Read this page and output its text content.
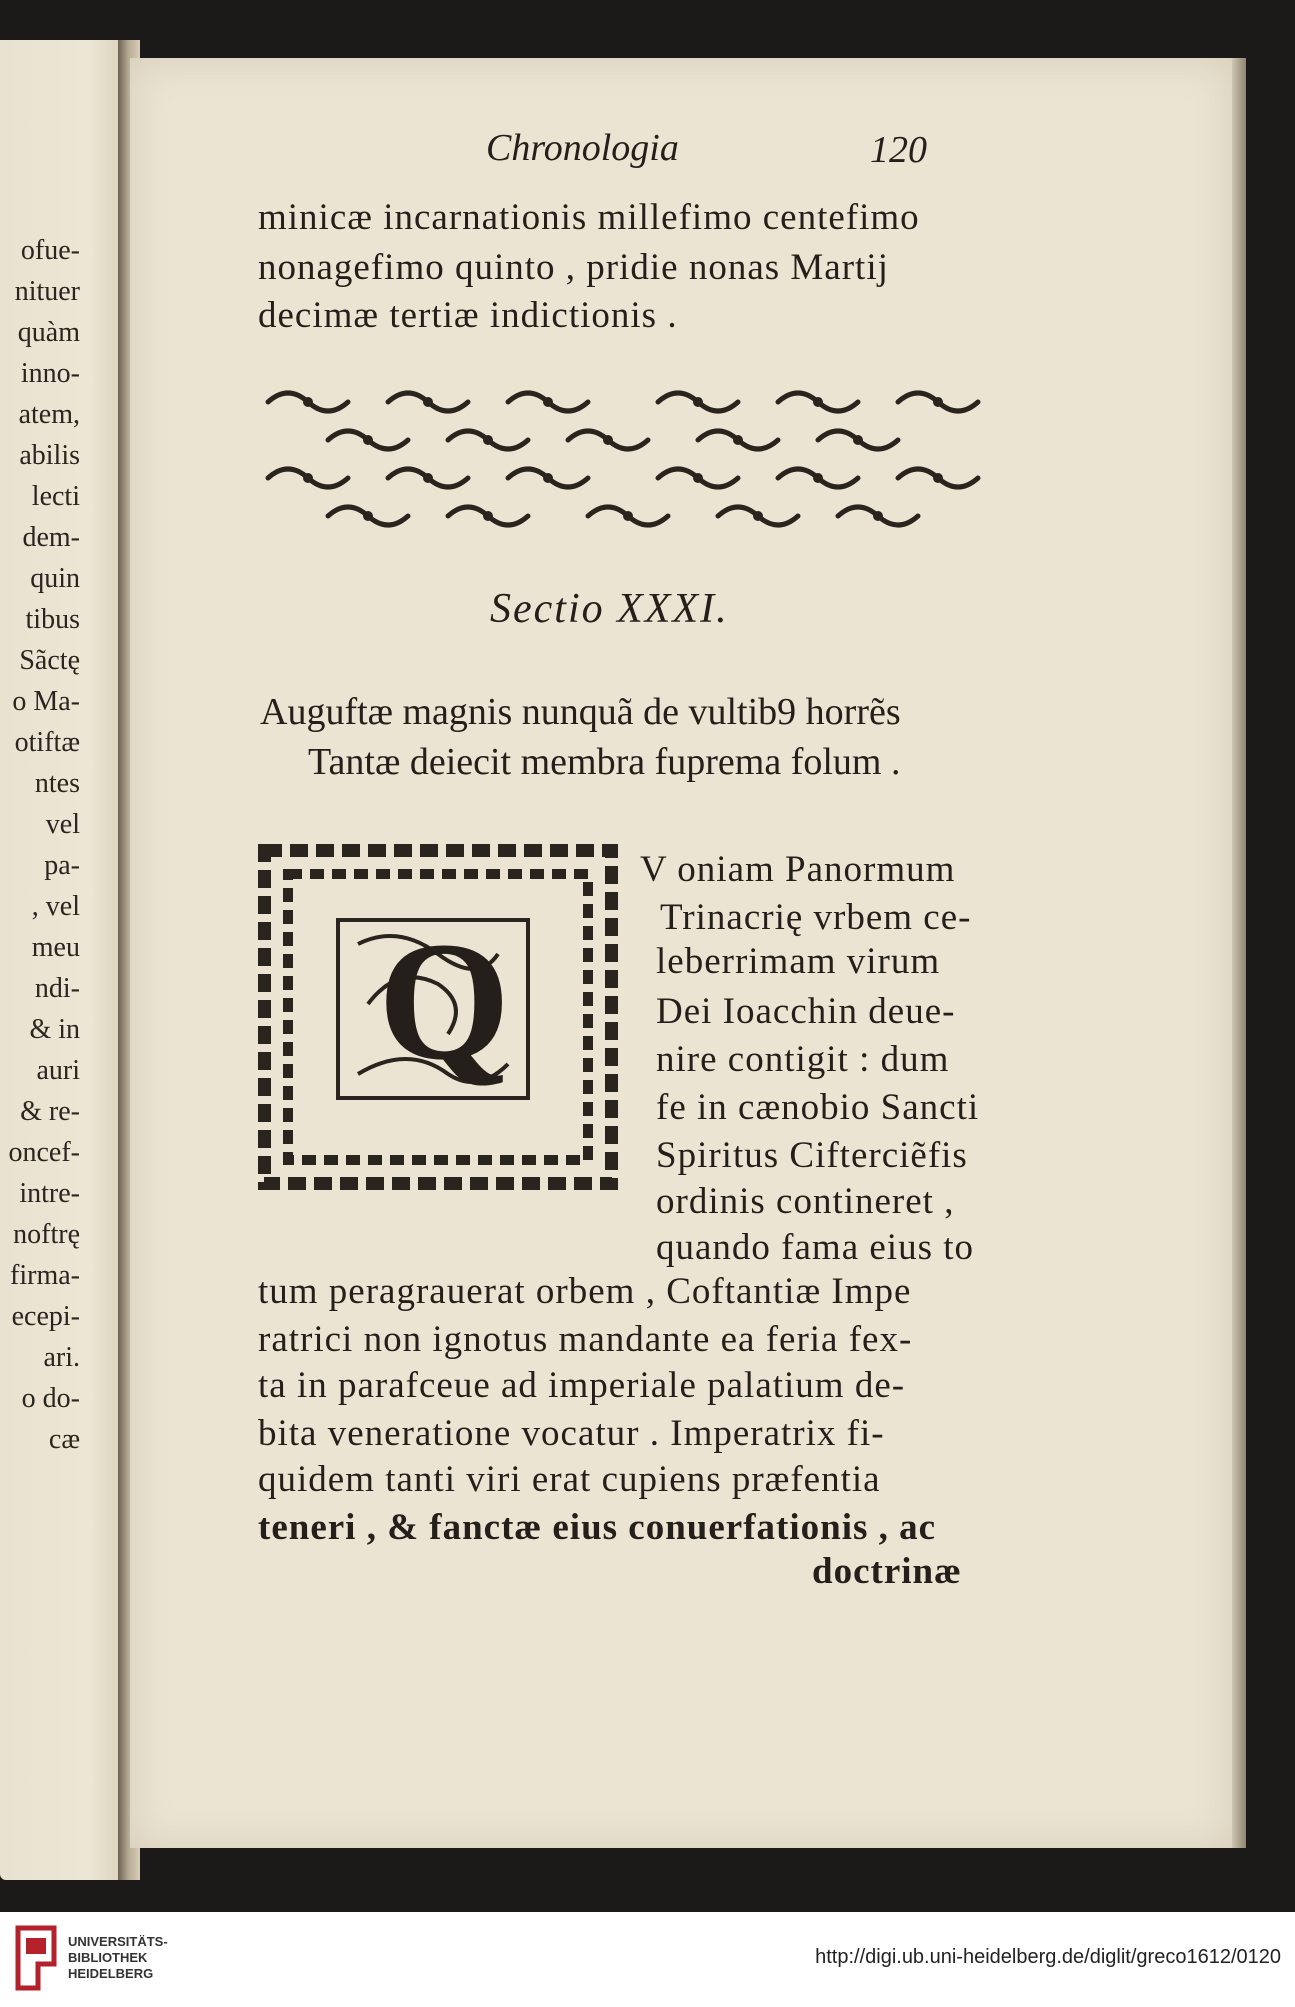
ofue-
nituer
quàm
inno-
atem,
abilis
lecti
dem-
quin
tibus
Sãctę
o Ma-
otiftæ
ntes
vel
pa-
, vel
meu
ndi-
& in
auri
& re-
oncef-
intre-
noftrę
firma-
ecepi-
ari.
o do-
cæ
Chronologia	120
minicæ incarnationis millefimo centefimo
nonagefimo quinto , pridie nonas Martij
decimæ tertiæ indictionis .
Sectio XXXI.
Auguftæ magnis nunquã de vultib9 horrẽs
Tantæ deiecit membra fuprema folum .
Q
V oniam Panormum
Trinacrię vrbem ce-
leberrimam virum
Dei Ioacchin deue-
nire contigit : dum
fe in cænobio Sancti
Spiritus Cifterciẽfis
ordinis contineret ,
quando fama eius to
tum peragrauerat orbem , Coftantiæ Impe
ratrici non ignotus mandante ea feria fex-
ta in parafceue ad imperiale palatium de-
bita veneratione vocatur . Imperatrix fi-
quidem tanti viri erat cupiens præfentia
teneri , & fanctæ eius conuerfationis , ac
doctrinæ
UNIVERSITÄTS-
BIBLIOTHEK
HEIDELBERG
http://digi.ub.uni-heidelberg.de/diglit/greco1612/0120
